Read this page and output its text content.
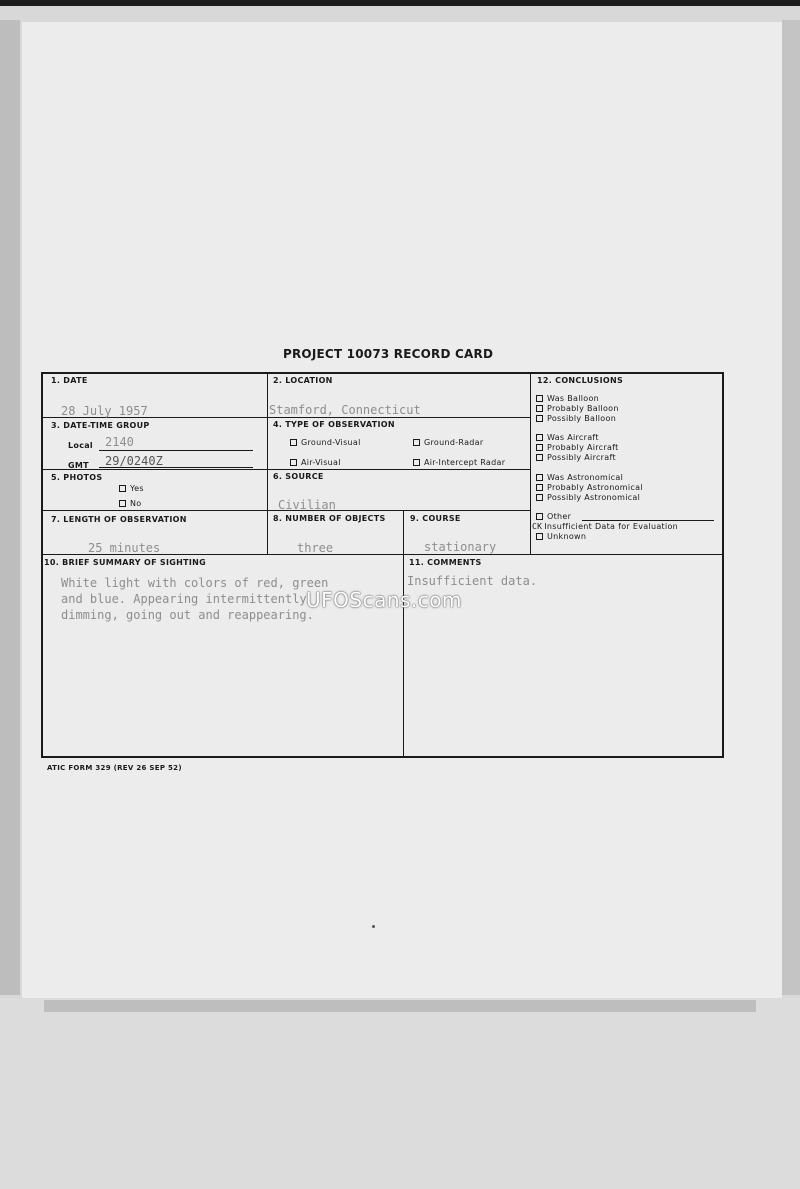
PROJECT 10073 RECORD CARD
1. DATE
28 July 1957
2. LOCATION
Stamford, Connecticut
3. DATE-TIME GROUP
Local 2140
GMT 29/0240Z
4. TYPE OF OBSERVATION
Ground-Visual	Ground-Radar
Air-Visual	Air-Intercept Radar
5. PHOTOS
Yes
No
6. SOURCE
Civilian
7. LENGTH OF OBSERVATION
25 minutes
8. NUMBER OF OBJECTS
three
9. COURSE
stationary
10. BRIEF SUMMARY OF SIGHTING
White light with colors of red, green
and blue. Appearing intermittently
dimming, going out and reappearing.
11. COMMENTS
Insufficient data.
12. CONCLUSIONS
Was Balloon
Probably Balloon
Possibly Balloon
Was Aircraft
Probably Aircraft
Possibly Aircraft
Was Astronomical
Probably Astronomical
Possibly Astronomical
Other
CK Insufficient Data for Evaluation
Unknown
UFOScans.com
ATIC FORM 329 (REV 26 SEP 52)
